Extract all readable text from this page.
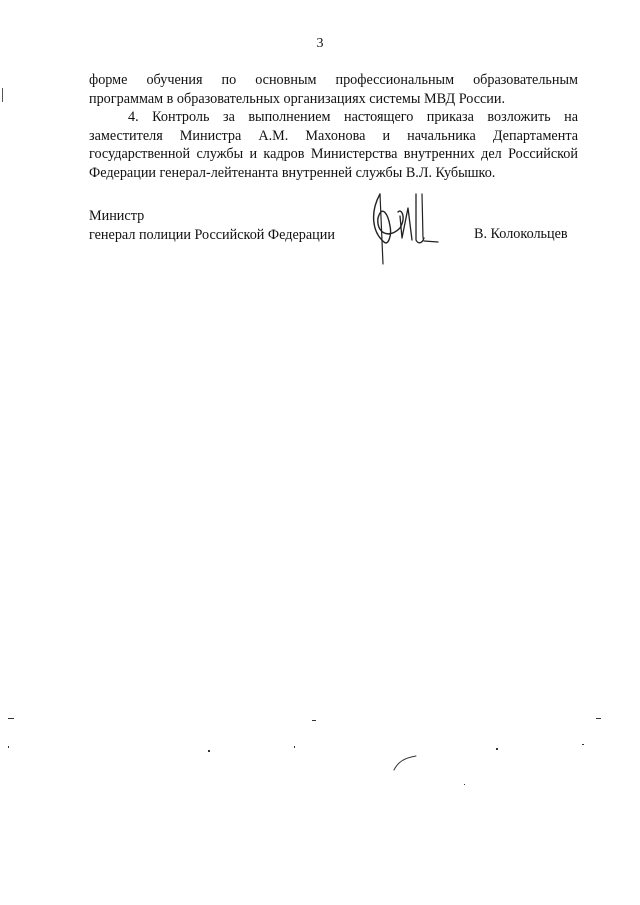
3
форме обучения по основным профессиональным образовательным
программам в образовательных организациях системы МВД России.
4. Контроль за выполнением настоящего приказа возложить на
заместителя Министра А.М. Махонова и начальника Департамента
государственной службы и кадров Министерства внутренних дел Российской
Федерации генерал-лейтенанта внутренней службы В.Л. Кубышко.
Министр
генерал полиции Российской Федерации	В. Колокольцев
